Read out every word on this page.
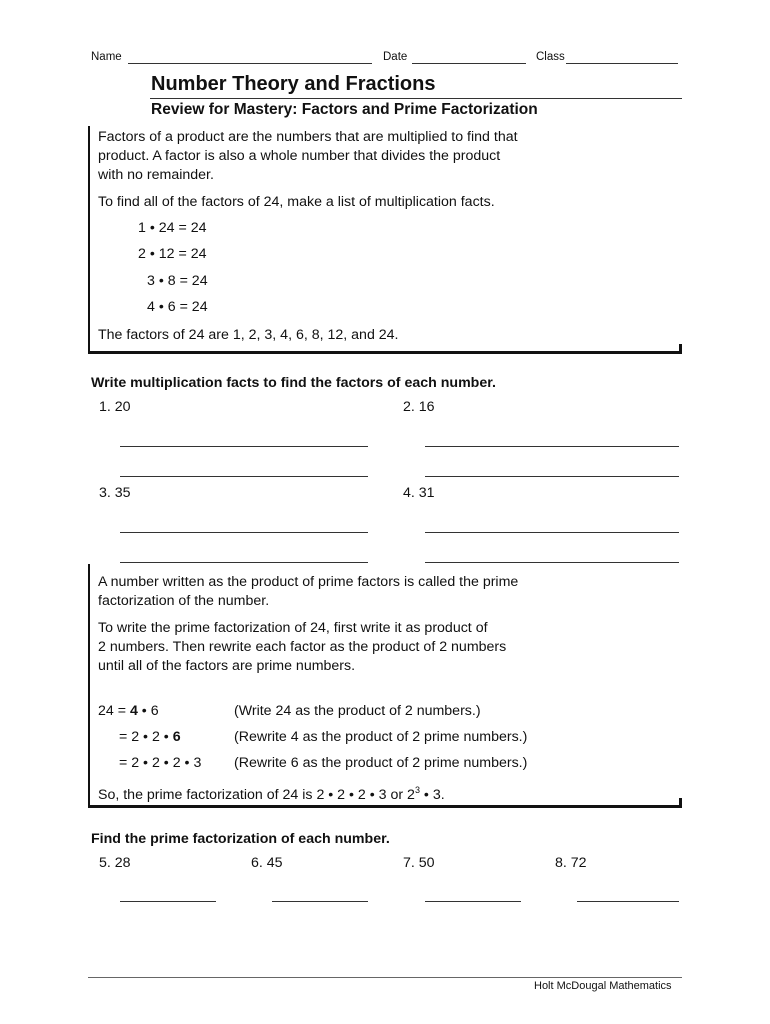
Name	Date	Class
Number Theory and Fractions
Review for Mastery: Factors and Prime Factorization
Factors of a product are the numbers that are multiplied to find that
product. A factor is also a whole number that divides the product
with no remainder.
To find all of the factors of 24, make a list of multiplication facts.
1 • 24 = 24
2 • 12 = 24
3 • 8 = 24
4 • 6 = 24
The factors of 24 are 1, 2, 3, 4, 6, 8, 12, and 24.
Write multiplication facts to find the factors of each number.
1. 20	2. 16
3. 35	4. 31
A number written as the product of prime factors is called the prime
factorization of the number.
To write the prime factorization of 24, first write it as product of
2 numbers. Then rewrite each factor as the product of 2 numbers
until all of the factors are prime numbers.
24 = 4 • 6	(Write 24 as the product of 2 numbers.)
= 2 • 2 • 6	(Rewrite 4 as the product of 2 prime numbers.)
= 2 • 2 • 2 • 3 (Rewrite 6 as the product of 2 prime numbers.)
So, the prime factorization of 24 is 2 • 2 • 2 • 3 or $2^3$ • 3.
Find the prime factorization of each number.
5. 28	6. 45	7. 50	8. 72
Holt McDougal Mathematics
